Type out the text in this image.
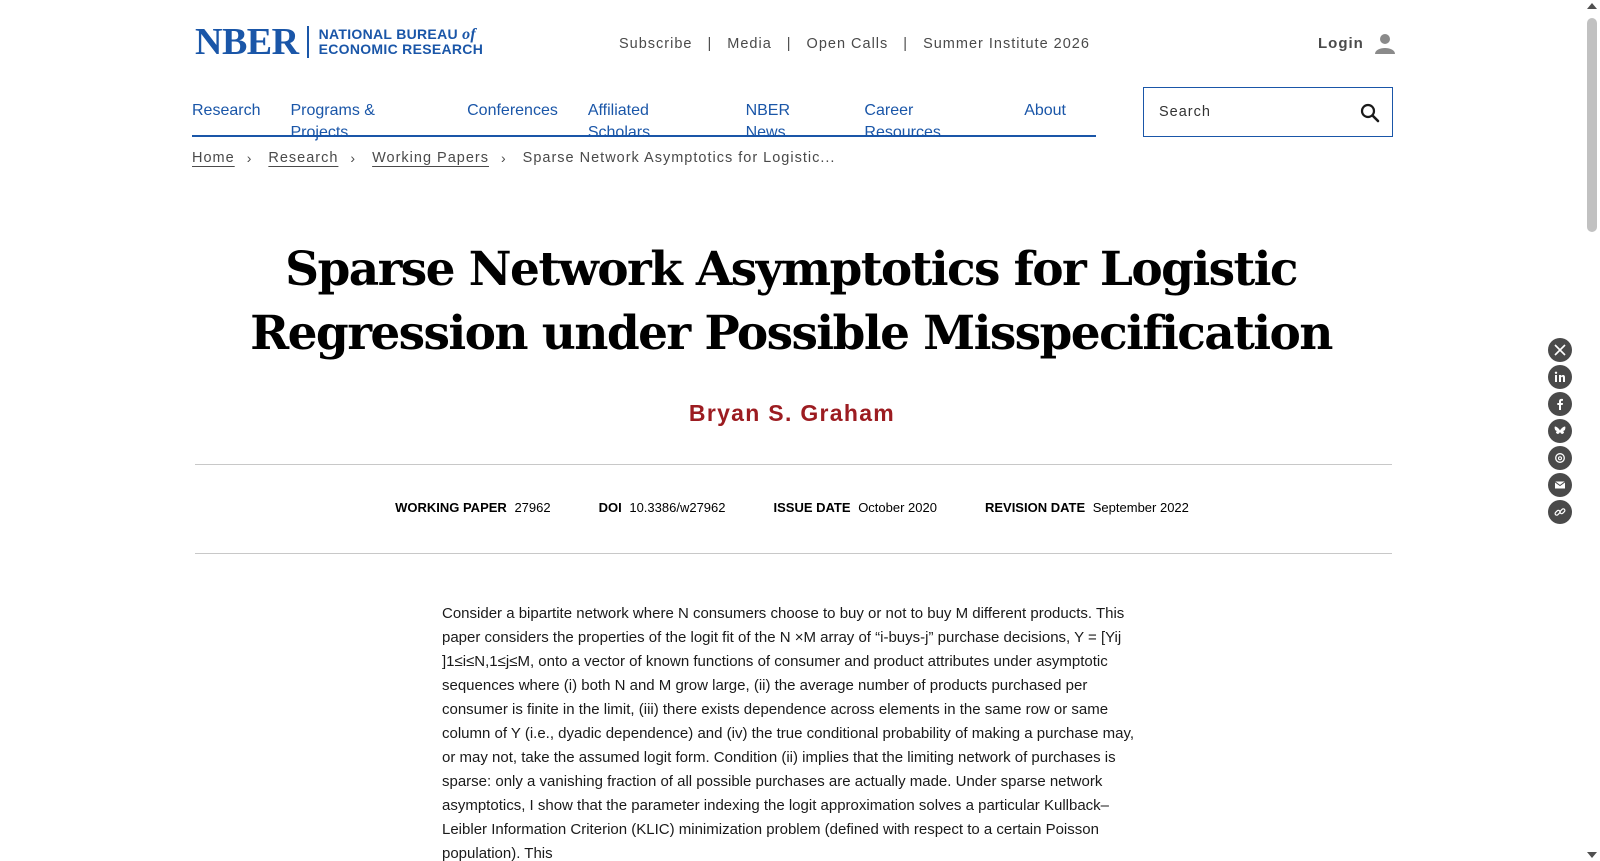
NBER NATIONAL BUREAU of
ECONOMIC RESEARCH	Subscribe | Media | Open Calls | Summer Institute 2026	Login
Research Programs & Projects
Conferences Affiliated Scholars
NBER News
Career Resources
About
Search
Home › Research › Working Papers › Sparse Network Asymptotics for Logistic...
Sparse Network Asymptotics for Logistic Regression under Possible Misspecification
Bryan S. Graham
WORKING PAPER 27962	DOI 10.3386/w27962	ISSUE DATE October 2020	REVISION DATE September 2022

Consider a bipartite network where N consumers choose to buy or not to buy M different products. This paper considers the properties of the logit fit of the N ×M array of “i-buys-j” purchase decisions, Y = [Yij ]1≤i≤N,1≤j≤M, onto a vector of known functions of consumer and product attributes under asymptotic sequences where (i) both N and M grow large, (ii) the average number of products purchased per consumer is finite in the limit, (iii) there exists dependence across elements in the same row or same column of Y (i.e., dyadic dependence) and (iv) the true conditional probability of making a purchase may, or may not, take the assumed logit form. Condition (ii) implies that the limiting network of purchases is sparse: only a vanishing fraction of all possible purchases are actually made. Under sparse network asymptotics, I show that the parameter indexing the logit approximation solves a particular Kullback–Leibler Information Criterion (KLIC) minimization problem (defined with respect to a certain Poisson population). This
